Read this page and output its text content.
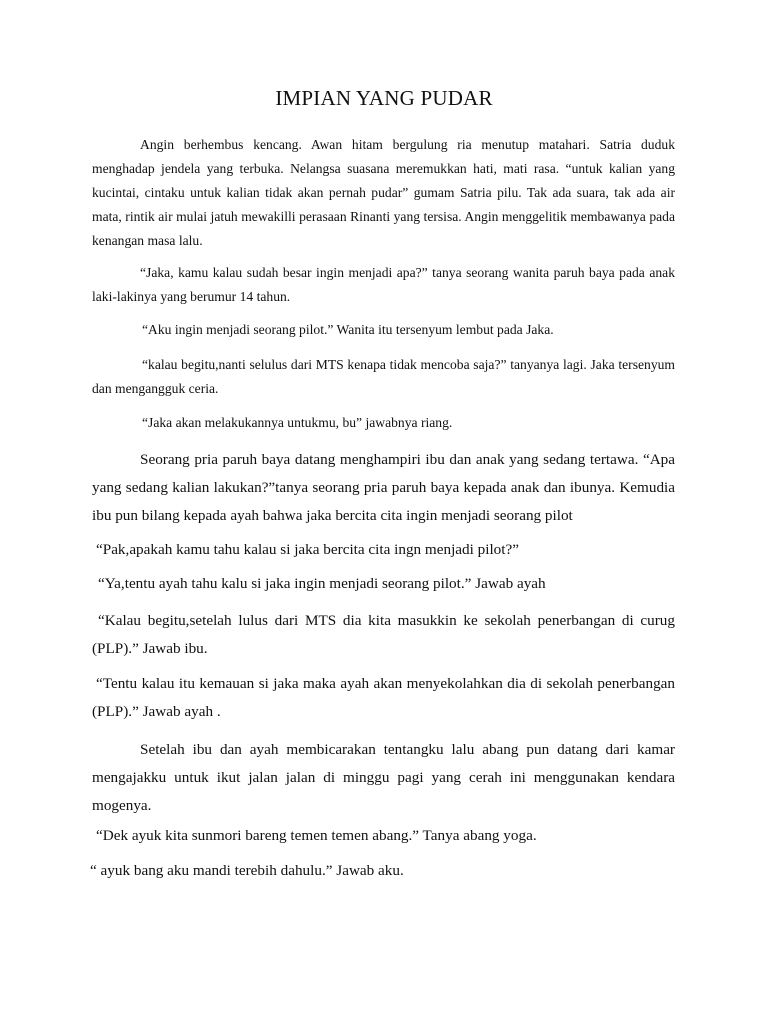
IMPIAN YANG PUDAR

Angin berhembus kencang. Awan hitam bergulung ria menutup matahari. Satria duduk menghadap jendela yang terbuka. Nelangsa suasana meremukkan hati, mati rasa. “untuk kalian yang kucintai, cintaku untuk kalian tidak akan pernah pudar” gumam Satria pilu. Tak ada suara, tak ada air mata, rintik air mulai jatuh mewakilli perasaan Rinanti yang tersisa. Angin menggelitik membawanya pada kenangan masa lalu.

“Jaka, kamu kalau sudah besar ingin menjadi apa?” tanya seorang wanita paruh baya pada anak laki-lakinya yang berumur 14 tahun.

“Aku ingin menjadi seorang pilot.” Wanita itu tersenyum lembut pada Jaka.

“kalau begitu,nanti selulus dari MTS kenapa tidak mencoba saja?” tanyanya lagi. Jaka tersenyum dan mengangguk ceria.

“Jaka akan melakukannya untukmu, bu” jawabnya riang.

Seorang pria paruh baya datang menghampiri ibu dan anak yang sedang tertawa. “Apa yang sedang kalian lakukan?”tanya seorang pria paruh baya kepada anak dan ibunya. Kemudia ibu pun bilang kepada ayah bahwa jaka bercita cita ingin menjadi seorang pilot

“Pak,apakah kamu tahu kalau si jaka bercita cita ingn menjadi pilot?”

“Ya,tentu ayah tahu kalu si jaka ingin menjadi seorang pilot.” Jawab ayah

“Kalau begitu,setelah lulus dari MTS dia kita masukkin ke sekolah penerbangan di curug (PLP).” Jawab ibu.

“Tentu kalau itu kemauan si jaka maka ayah akan menyekolahkan dia di sekolah penerbangan (PLP).” Jawab ayah .

Setelah ibu dan ayah membicarakan tentangku lalu abang pun datang dari kamar mengajakku untuk ikut jalan jalan di minggu pagi yang cerah ini menggunakan kendara mogenya.

“Dek ayuk kita sunmori bareng temen temen abang.” Tanya abang yoga.

“ ayuk bang aku mandi terebih dahulu.” Jawab aku.
